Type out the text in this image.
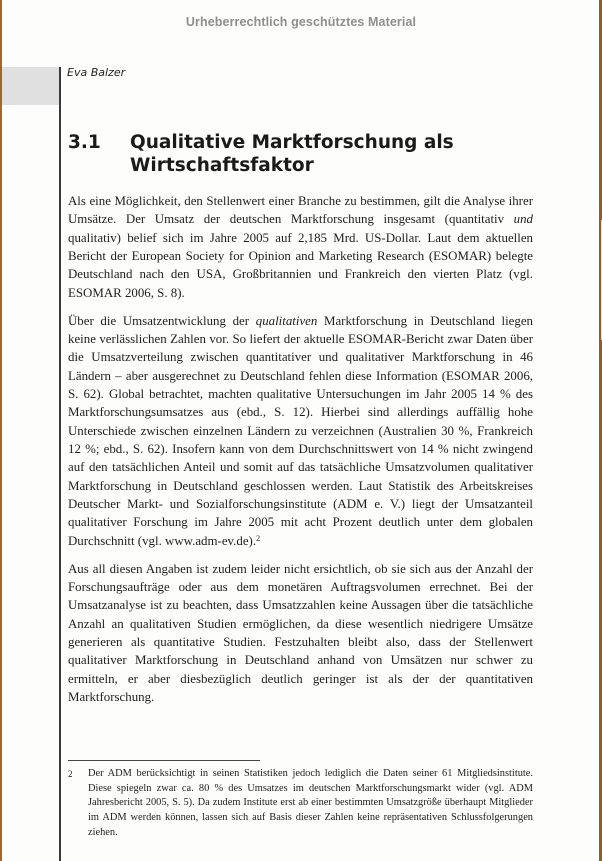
Urheberrechtlich geschütztes Material
Eva Balzer
3.1 Qualitative Marktforschung als
Wirtschaftsfaktor

Als eine Möglichkeit, den Stellenwert einer Branche zu bestimmen, gilt die Analyse ihrer Umsätze. Der Umsatz der deutschen Marktforschung insgesamt (quantitativ und qualitativ) belief sich im Jahre 2005 auf 2,185 Mrd. US-Dollar. Laut dem aktuellen Bericht der European Society for Opinion and Marketing Research (ESOMAR) belegte Deutschland nach den USA, Großbritannien und Frankreich den vierten Platz (vgl. ESOMAR 2006, S. 8).

Über die Umsatzentwicklung der qualitativen Marktforschung in Deutschland liegen keine verlässlichen Zahlen vor. So liefert der aktuelle ESOMAR-Bericht zwar Daten über die Umsatzverteilung zwischen quantitativer und qualitativer Marktforschung in 46 Ländern – aber ausgerechnet zu Deutschland fehlen diese Information (ESOMAR 2006, S. 62). Global betrachtet, machten qualitative Untersuchungen im Jahr 2005 14 % des Marktforschungsumsatzes aus (ebd., S. 12). Hierbei sind allerdings auffällig hohe Unterschiede zwischen einzelnen Ländern zu verzeichnen (Australien 30 %, Frankreich 12 %; ebd., S. 62). Insofern kann von dem Durchschnittswert von 14 % nicht zwingend auf den tatsächlichen Anteil und somit auf das tatsächliche Umsatzvolumen qualitativer Marktforschung in Deutschland geschlossen werden. Laut Statistik des Arbeitskreises Deutscher Markt- und Sozialforschungsinstitute (ADM e. V.) liegt der Umsatzanteil qualitativer Forschung im Jahre 2005 mit acht Prozent deutlich unter dem globalen Durchschnitt (vgl. www.adm-ev.de).$^2$

Aus all diesen Angaben ist zudem leider nicht ersichtlich, ob sie sich aus der Anzahl der Forschungsaufträge oder aus dem monetären Auftragsvolumen errechnet. Bei der Umsatzanalyse ist zu beachten, dass Umsatzzahlen keine Aussagen über die tatsächliche Anzahl an qualitativen Studien ermöglichen, da diese wesentlich niedrigere Umsätze generieren als quantitative Studien. Festzuhalten bleibt also, dass der Stellenwert qualitativer Marktforschung in Deutschland anhand von Umsätzen nur schwer zu ermitteln, er aber diesbezüglich deutlich geringer ist als der der quantitativen Marktforschung.

2 Der ADM berücksichtigt in seinen Statistiken jedoch lediglich die Daten seiner 61 Mitgliedsinstitute. Diese spiegeln zwar ca. 80 % des Umsatzes im deutschen Marktforschungsmarkt wider (vgl. ADM Jahresbericht 2005, S. 5). Da zudem Institute erst ab einer bestimmten Umsatzgröße überhaupt Mitglieder im ADM werden können, lassen sich auf Basis dieser Zahlen keine repräsentativen Schlussfolgerungen ziehen.
